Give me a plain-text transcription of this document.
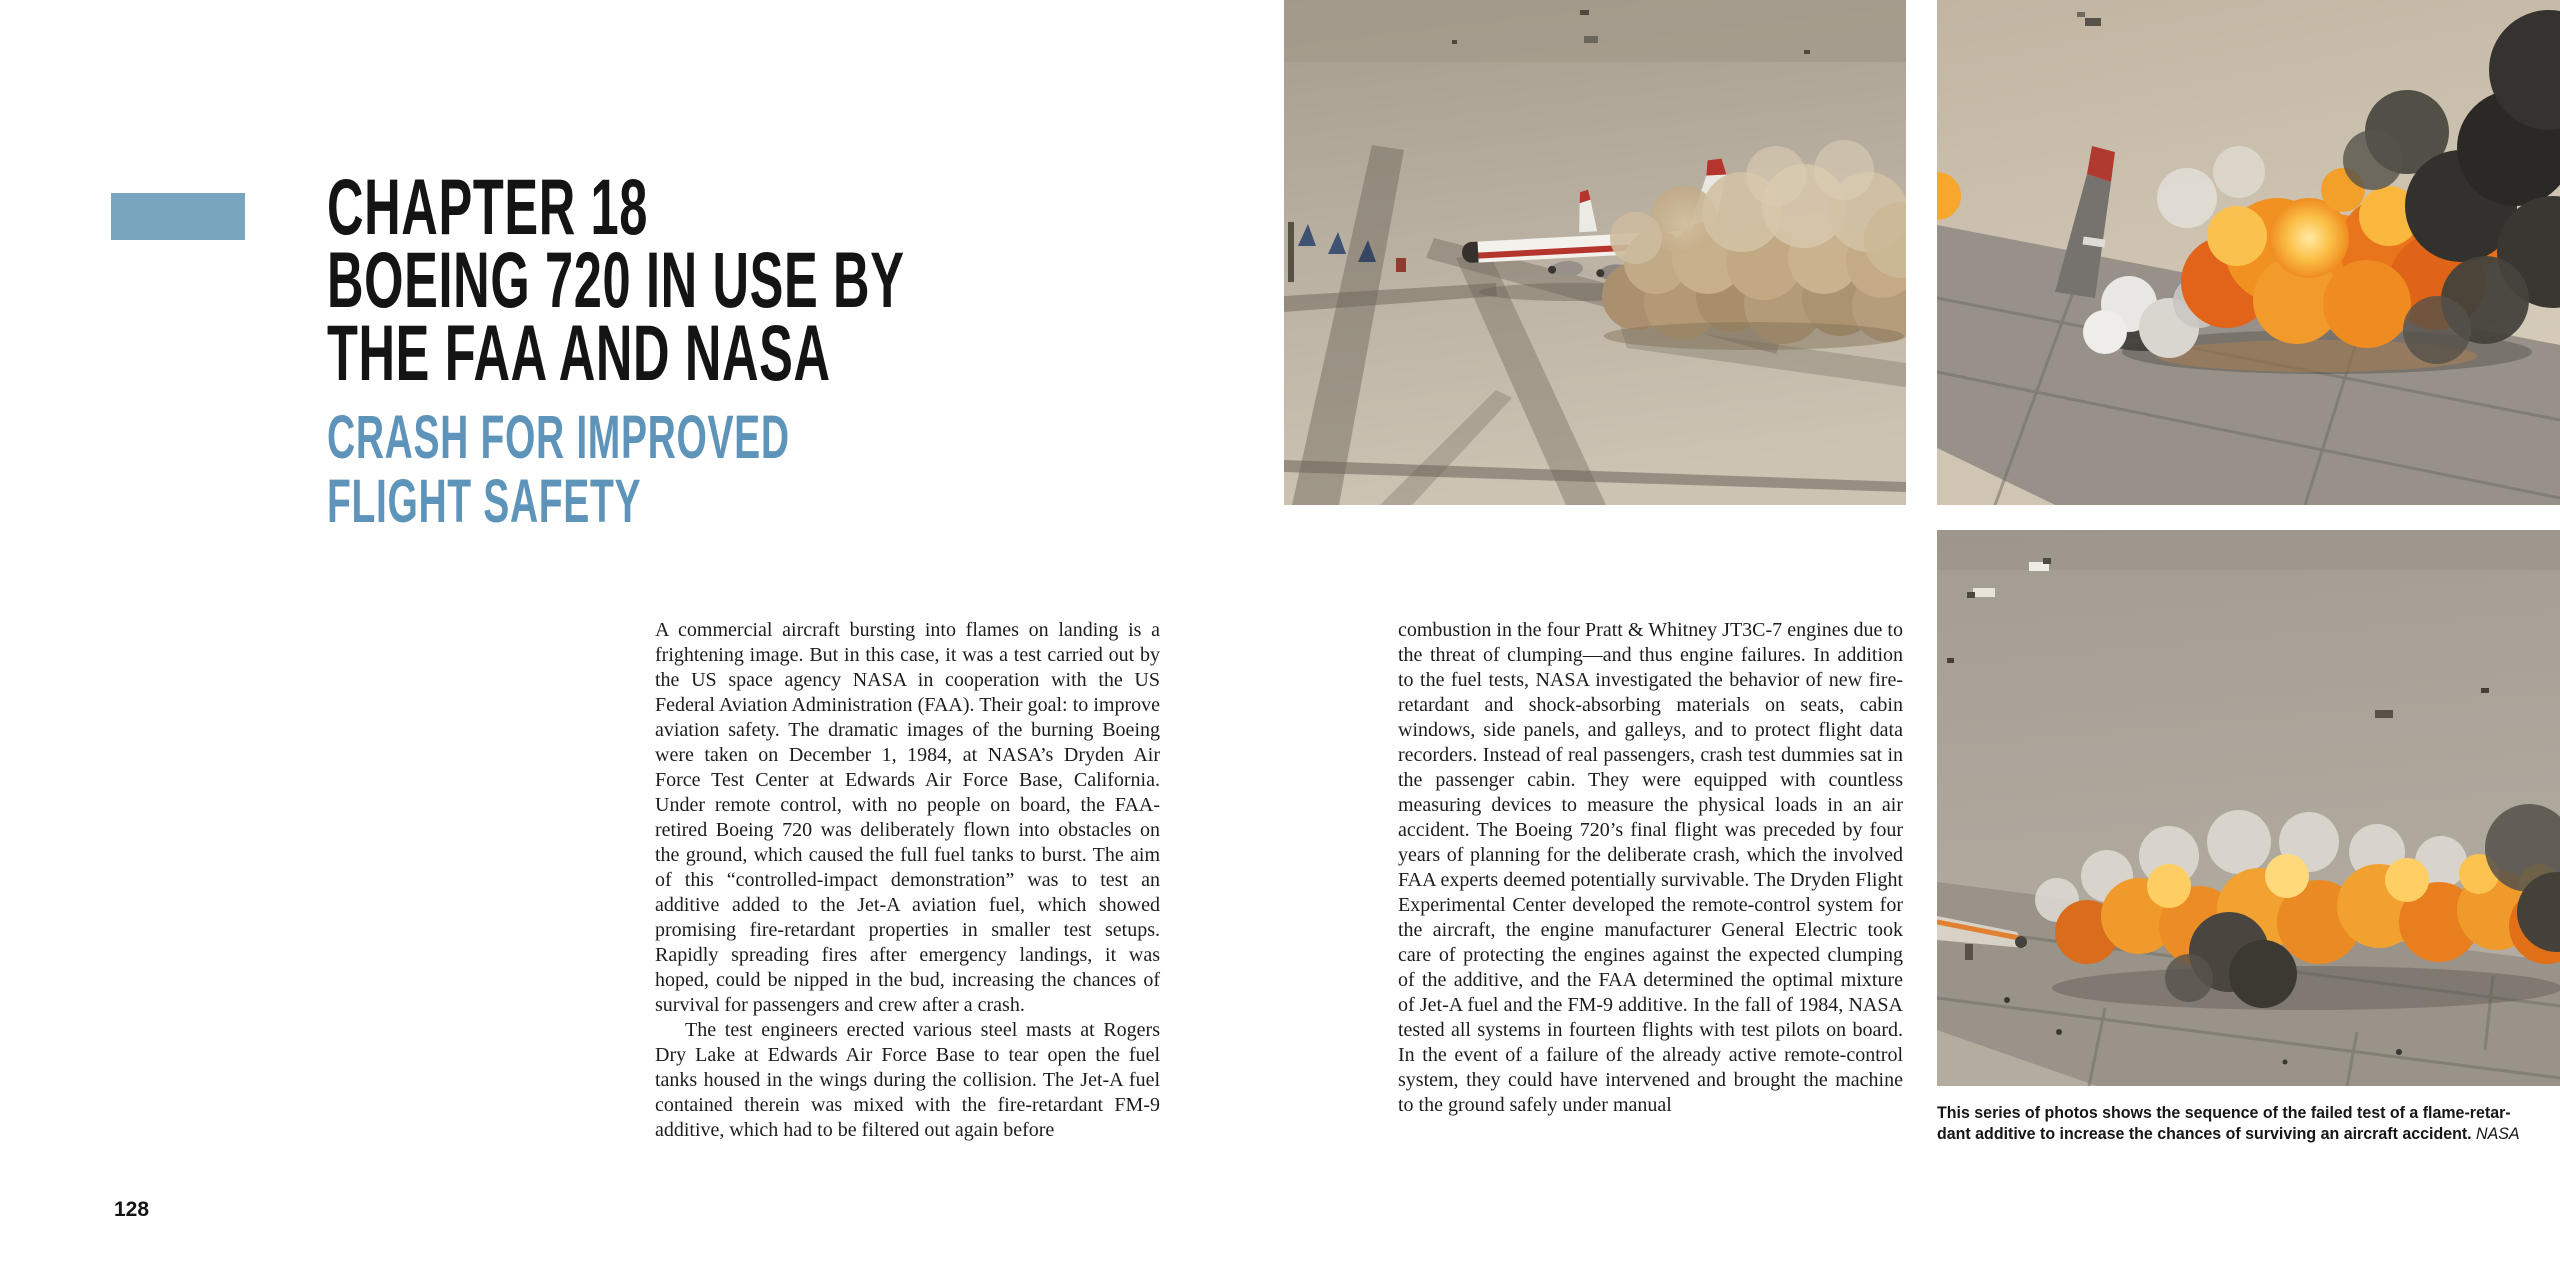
CHAPTER 18
BOEING 720 IN USE BY
THE FAA AND NASA
CRASH FOR IMPROVED
FLIGHT SAFETY

A commercial aircraft bursting into flames on landing is a frightening image. But in this case, it was a test carried out by the US space agency NASA in cooperation with the US Federal Aviation Administration (FAA). Their goal: to improve aviation safety. The dramatic images of the burning Boeing were taken on December 1, 1984, at NASA’s Dryden Air Force Test Center at Edwards Air Force Base, California. Under remote control, with no people on board, the FAA-retired Boeing 720 was deliberately flown into obstacles on the ground, which caused the full fuel tanks to burst. The aim of this “controlled-impact demonstration” was to test an additive added to the Jet-A aviation fuel, which showed promising fire-retardant properties in smaller test setups. Rapidly spreading fires after emergency landings, it was hoped, could be nipped in the bud, increasing the chances of survival for passengers and crew after a crash.

The test engineers erected various steel masts at Rogers Dry Lake at Edwards Air Force Base to tear open the fuel tanks housed in the wings during the collision. The Jet-A fuel contained therein was mixed with the fire-retardant FM-9 additive, which had to be filtered out again before

combustion in the four Pratt & Whitney JT3C-7 engines due to the threat of clumping—and thus engine failures. In addition to the fuel tests, NASA investigated the behavior of new fire-retardant and shock-absorbing materials on seats, cabin windows, side panels, and galleys, and to protect flight data recorders. Instead of real passengers, crash test dummies sat in the passenger cabin. They were equipped with countless measuring devices to measure the physical loads in an air accident. The Boeing 720’s final flight was preceded by four years of planning for the deliberate crash, which the involved FAA experts deemed potentially survivable. The Dryden Flight Experimental Center developed the remote-control system for the aircraft, the engine manufacturer General Electric took care of protecting the engines against the expected clumping of the additive, and the FAA determined the optimal mixture of Jet-A fuel and the FM-9 additive. In the fall of 1984, NASA tested all systems in fourteen flights with test pilots on board. In the event of a failure of the already active remote-control system, they could have intervened and brought the machine to the ground safely under manual

128
This series of photos shows the sequence of the failed test of a flame-retar-
dant additive to increase the chances of surviving an aircraft accident. NASA
